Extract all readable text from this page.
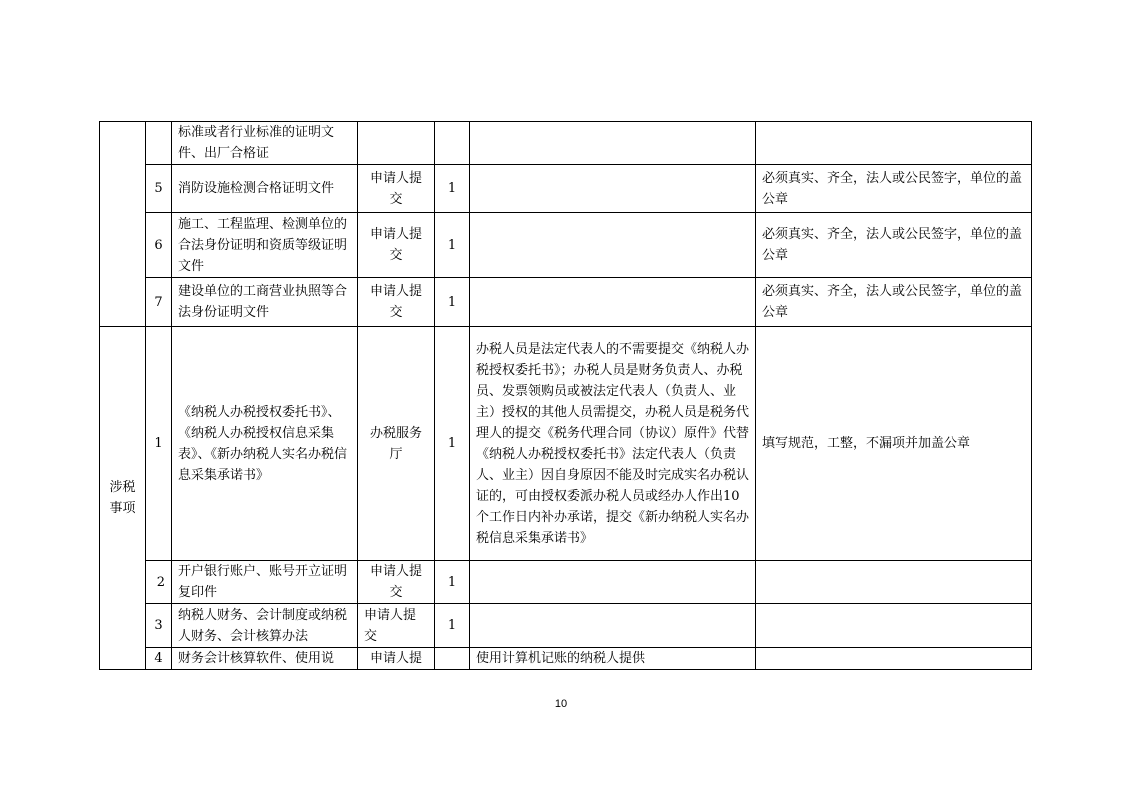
		标准或者行业标准的证明文件、出厂合格证				
	5	消防设施检测合格证明文件	申请人提交	1		必须真实、齐全，法人或公民签字，单位的盖公章
	6	施工、工程监理、检测单位的合法身份证明和资质等级证明文件	申请人提交	1		必须真实、齐全，法人或公民签字，单位的盖公章
	7	建设单位的工商营业执照等合法身份证明文件	申请人提交	1		必须真实、齐全，法人或公民签字，单位的盖公章
涉税事项	1	《纳税人办税授权委托书》、《纳税人办税授权信息采集表》、《新办纳税人实名办税信息采集承诺书》	办税服务厅	1	办税人员是法定代表人的不需要提交《纳税人办税授权委托书》；办税人员是财务负责人、办税员、发票领购员或被法定代表人（负责人、业主）授权的其他人员需提交，办税人员是税务代理人的提交《税务代理合同（协议）原件》代替《纳税人办税授权委托书》法定代表人（负责人、业主）因自身原因不能及时完成实名办税认证的，可由授权委派办税人员或经办人作出10个工作日内补办承诺，提交《新办纳税人实名办税信息采集承诺书》	填写规范，工整，不漏项并加盖公章
	2	开户银行账户、账号开立证明复印件	申请人提交	1		
	3	纳税人财务、会计制度或纳税人财务、会计核算办法	申请人提交	1		
	4	财务会计核算软件、使用说	申请人提		使用计算机记账的纳税人提供	
10
